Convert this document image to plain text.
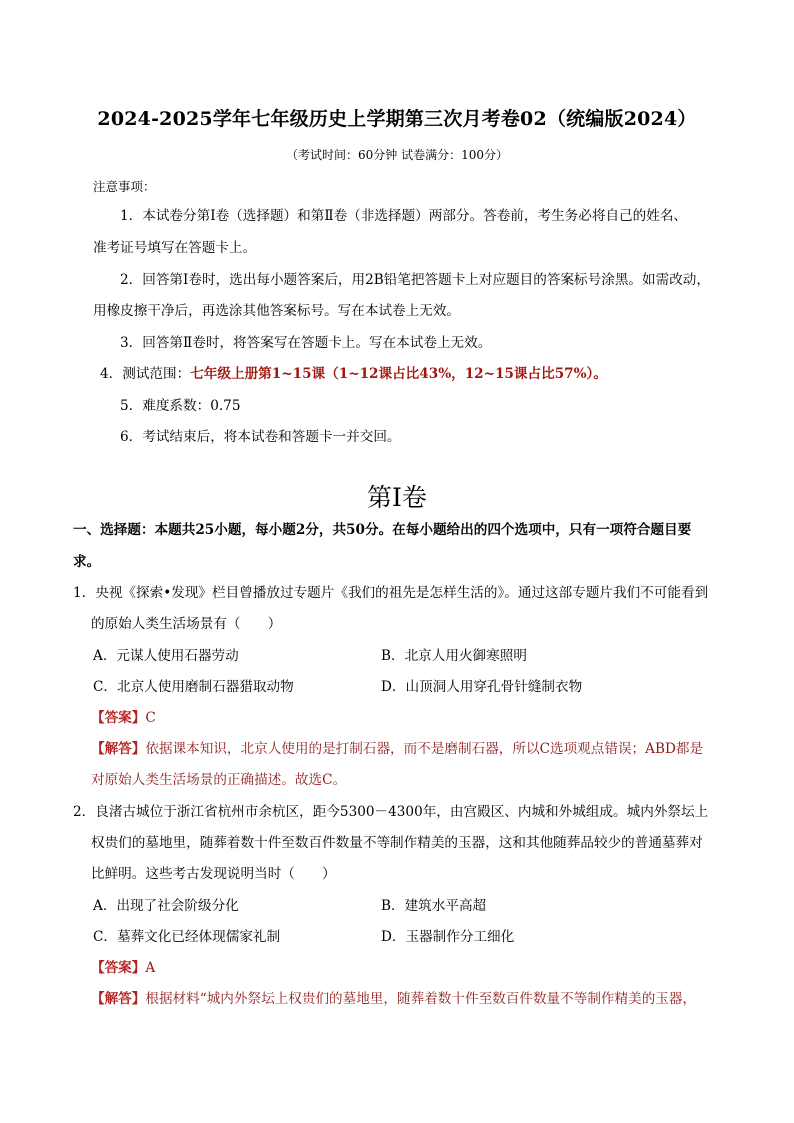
2024-2025学年七年级历史上学期第三次月考卷02（统编版2024）
（考试时间：60分钟 试卷满分：100分）
注意事项：
1．本试卷分第Ⅰ卷（选择题）和第Ⅱ卷（非选择题）两部分。答卷前，考生务必将自己的姓名、
准考证号填写在答题卡上。
2．回答第Ⅰ卷时，选出每小题答案后，用2B铅笔把答题卡上对应题目的答案标号涂黑。如需改动，
用橡皮擦干净后，再选涂其他答案标号。写在本试卷上无效。
3．回答第Ⅱ卷时，将答案写在答题卡上。写在本试卷上无效。
4．测试范围：七年级上册第1~15课（1~12课占比43%，12~15课占比57%）。
5．难度系数：0.75
6．考试结束后，将本试卷和答题卡一并交回。
第Ⅰ卷
一、选择题：本题共25小题，每小题2分，共50分。在每小题给出的四个选项中，只有一项符合题目要
求。
1．央视《探索•发现》栏目曾播放过专题片《我们的祖先是怎样生活的》。通过这部专题片我们不可能看到
的原始人类生活场景有（　　）
A．元谋人使用石器劳动	B．北京人用火御寒照明
C．北京人使用磨制石器猎取动物	D．山顶洞人用穿孔骨针缝制衣物
【答案】C
【解答】依据课本知识，北京人使用的是打制石器，而不是磨制石器，所以C选项观点错误；ABD都是
对原始人类生活场景的正确描述。故选C。
2．良渚古城位于浙江省杭州市余杭区，距今5300－4300年，由宫殿区、内城和外城组成。城内外祭坛上
权贵们的墓地里，随葬着数十件至数百件数量不等制作精美的玉器，这和其他随葬品较少的普通墓葬对
比鲜明。这些考古发现说明当时（　　）
A．出现了社会阶级分化	B．建筑水平高超
C．墓葬文化已经体现儒家礼制	D．玉器制作分工细化
【答案】A
【解答】根据材料“城内外祭坛上权贵们的墓地里，随葬着数十件至数百件数量不等制作精美的玉器，
